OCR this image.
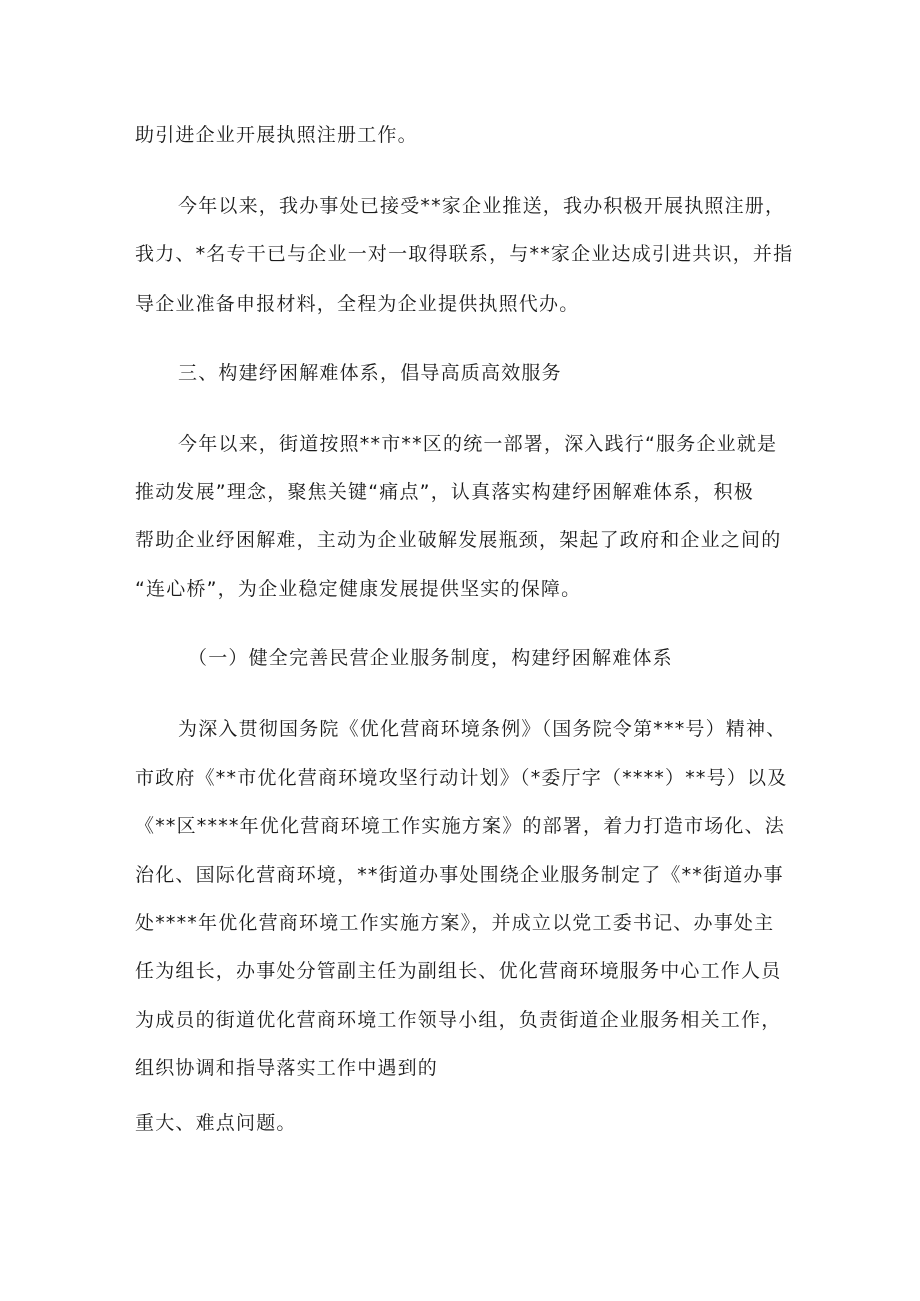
助引进企业开展执照注册工作。
今年以来，我办事处已接受**家企业推送，我办积极开展执照注册，
我力、*名专干已与企业一对一取得联系，与**家企业达成引进共识，并指
导企业准备申报材料，全程为企业提供执照代办。
三、构建纾困解难体系，倡导高质高效服务
今年以来，街道按照**市**区的统一部署，深入践行“服务企业就是
推动发展”理念，聚焦关键“痛点”，认真落实构建纾困解难体系，积极
帮助企业纾困解难，主动为企业破解发展瓶颈，架起了政府和企业之间的
“连心桥”，为企业稳定健康发展提供坚实的保障。
（一）健全完善民营企业服务制度，构建纾困解难体系
为深入贯彻国务院《优化营商环境条例》（国务院令第***号）精神、
市政府《**市优化营商环境攻坚行动计划》（*委厅字（****）**号）以及
《**区****年优化营商环境工作实施方案》的部署，着力打造市场化、法
治化、国际化营商环境，**街道办事处围绕企业服务制定了《**街道办事
处****年优化营商环境工作实施方案》，并成立以党工委书记、办事处主
任为组长，办事处分管副主任为副组长、优化营商环境服务中心工作人员
为成员的街道优化营商环境工作领导小组，负责街道企业服务相关工作，
组织协调和指导落实工作中遇到的
重大、难点问题。
